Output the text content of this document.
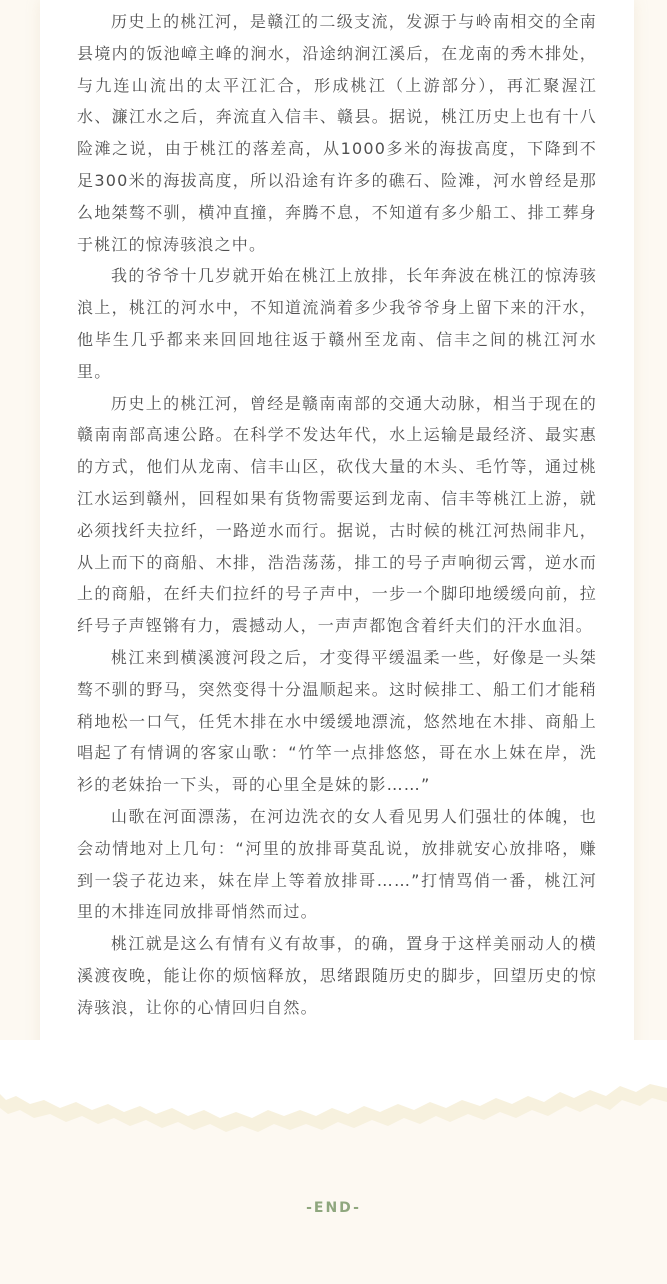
历史上的桃江河，是赣江的二级支流，发源于与岭南相交的全南县境内的饭池嶂主峰的涧水，沿途纳涧江溪后，在龙南的秀木排处，与九连山流出的太平江汇合，形成桃江（上游部分），再汇聚渥江水、濂江水之后，奔流直入信丰、赣县。据说，桃江历史上也有十八险滩之说，由于桃江的落差高，从1000多米的海拔高度，下降到不足300米的海拔高度，所以沿途有许多的礁石、险滩，河水曾经是那么地桀骜不驯，横冲直撞，奔腾不息，不知道有多少船工、排工葬身于桃江的惊涛骇浪之中。

我的爷爷十几岁就开始在桃江上放排，长年奔波在桃江的惊涛骇浪上，桃江的河水中，不知道流淌着多少我爷爷身上留下来的汗水，他毕生几乎都来来回回地往返于赣州至龙南、信丰之间的桃江河水里。

历史上的桃江河，曾经是赣南南部的交通大动脉，相当于现在的赣南南部高速公路。在科学不发达年代，水上运输是最经济、最实惠的方式，他们从龙南、信丰山区，砍伐大量的木头、毛竹等，通过桃江水运到赣州，回程如果有货物需要运到龙南、信丰等桃江上游，就必须找纤夫拉纤，一路逆水而行。据说，古时候的桃江河热闹非凡，从上而下的商船、木排，浩浩荡荡，排工的号子声响彻云霄，逆水而上的商船，在纤夫们拉纤的号子声中，一步一个脚印地缓缓向前，拉纤号子声铿锵有力，震撼动人，一声声都饱含着纤夫们的汗水血泪。

桃江来到横溪渡河段之后，才变得平缓温柔一些，好像是一头桀骜不驯的野马，突然变得十分温顺起来。这时候排工、船工们才能稍稍地松一口气，任凭木排在水中缓缓地漂流，悠然地在木排、商船上唱起了有情调的客家山歌：“竹竿一点排悠悠，哥在水上妹在岸，洗衫的老妹抬一下头，哥的心里全是妹的影……”

山歌在河面漂荡，在河边洗衣的女人看见男人们强壮的体魄，也会动情地对上几句：“河里的放排哥莫乱说，放排就安心放排咯，赚到一袋子花边来，妹在岸上等着放排哥……”打情骂俏一番，桃江河里的木排连同放排哥悄然而过。

桃江就是这么有情有义有故事，的确，置身于这样美丽动人的横溪渡夜晚，能让你的烦恼释放，思绪跟随历史的脚步，回望历史的惊涛骇浪，让你的心情回归自然。

-END-
